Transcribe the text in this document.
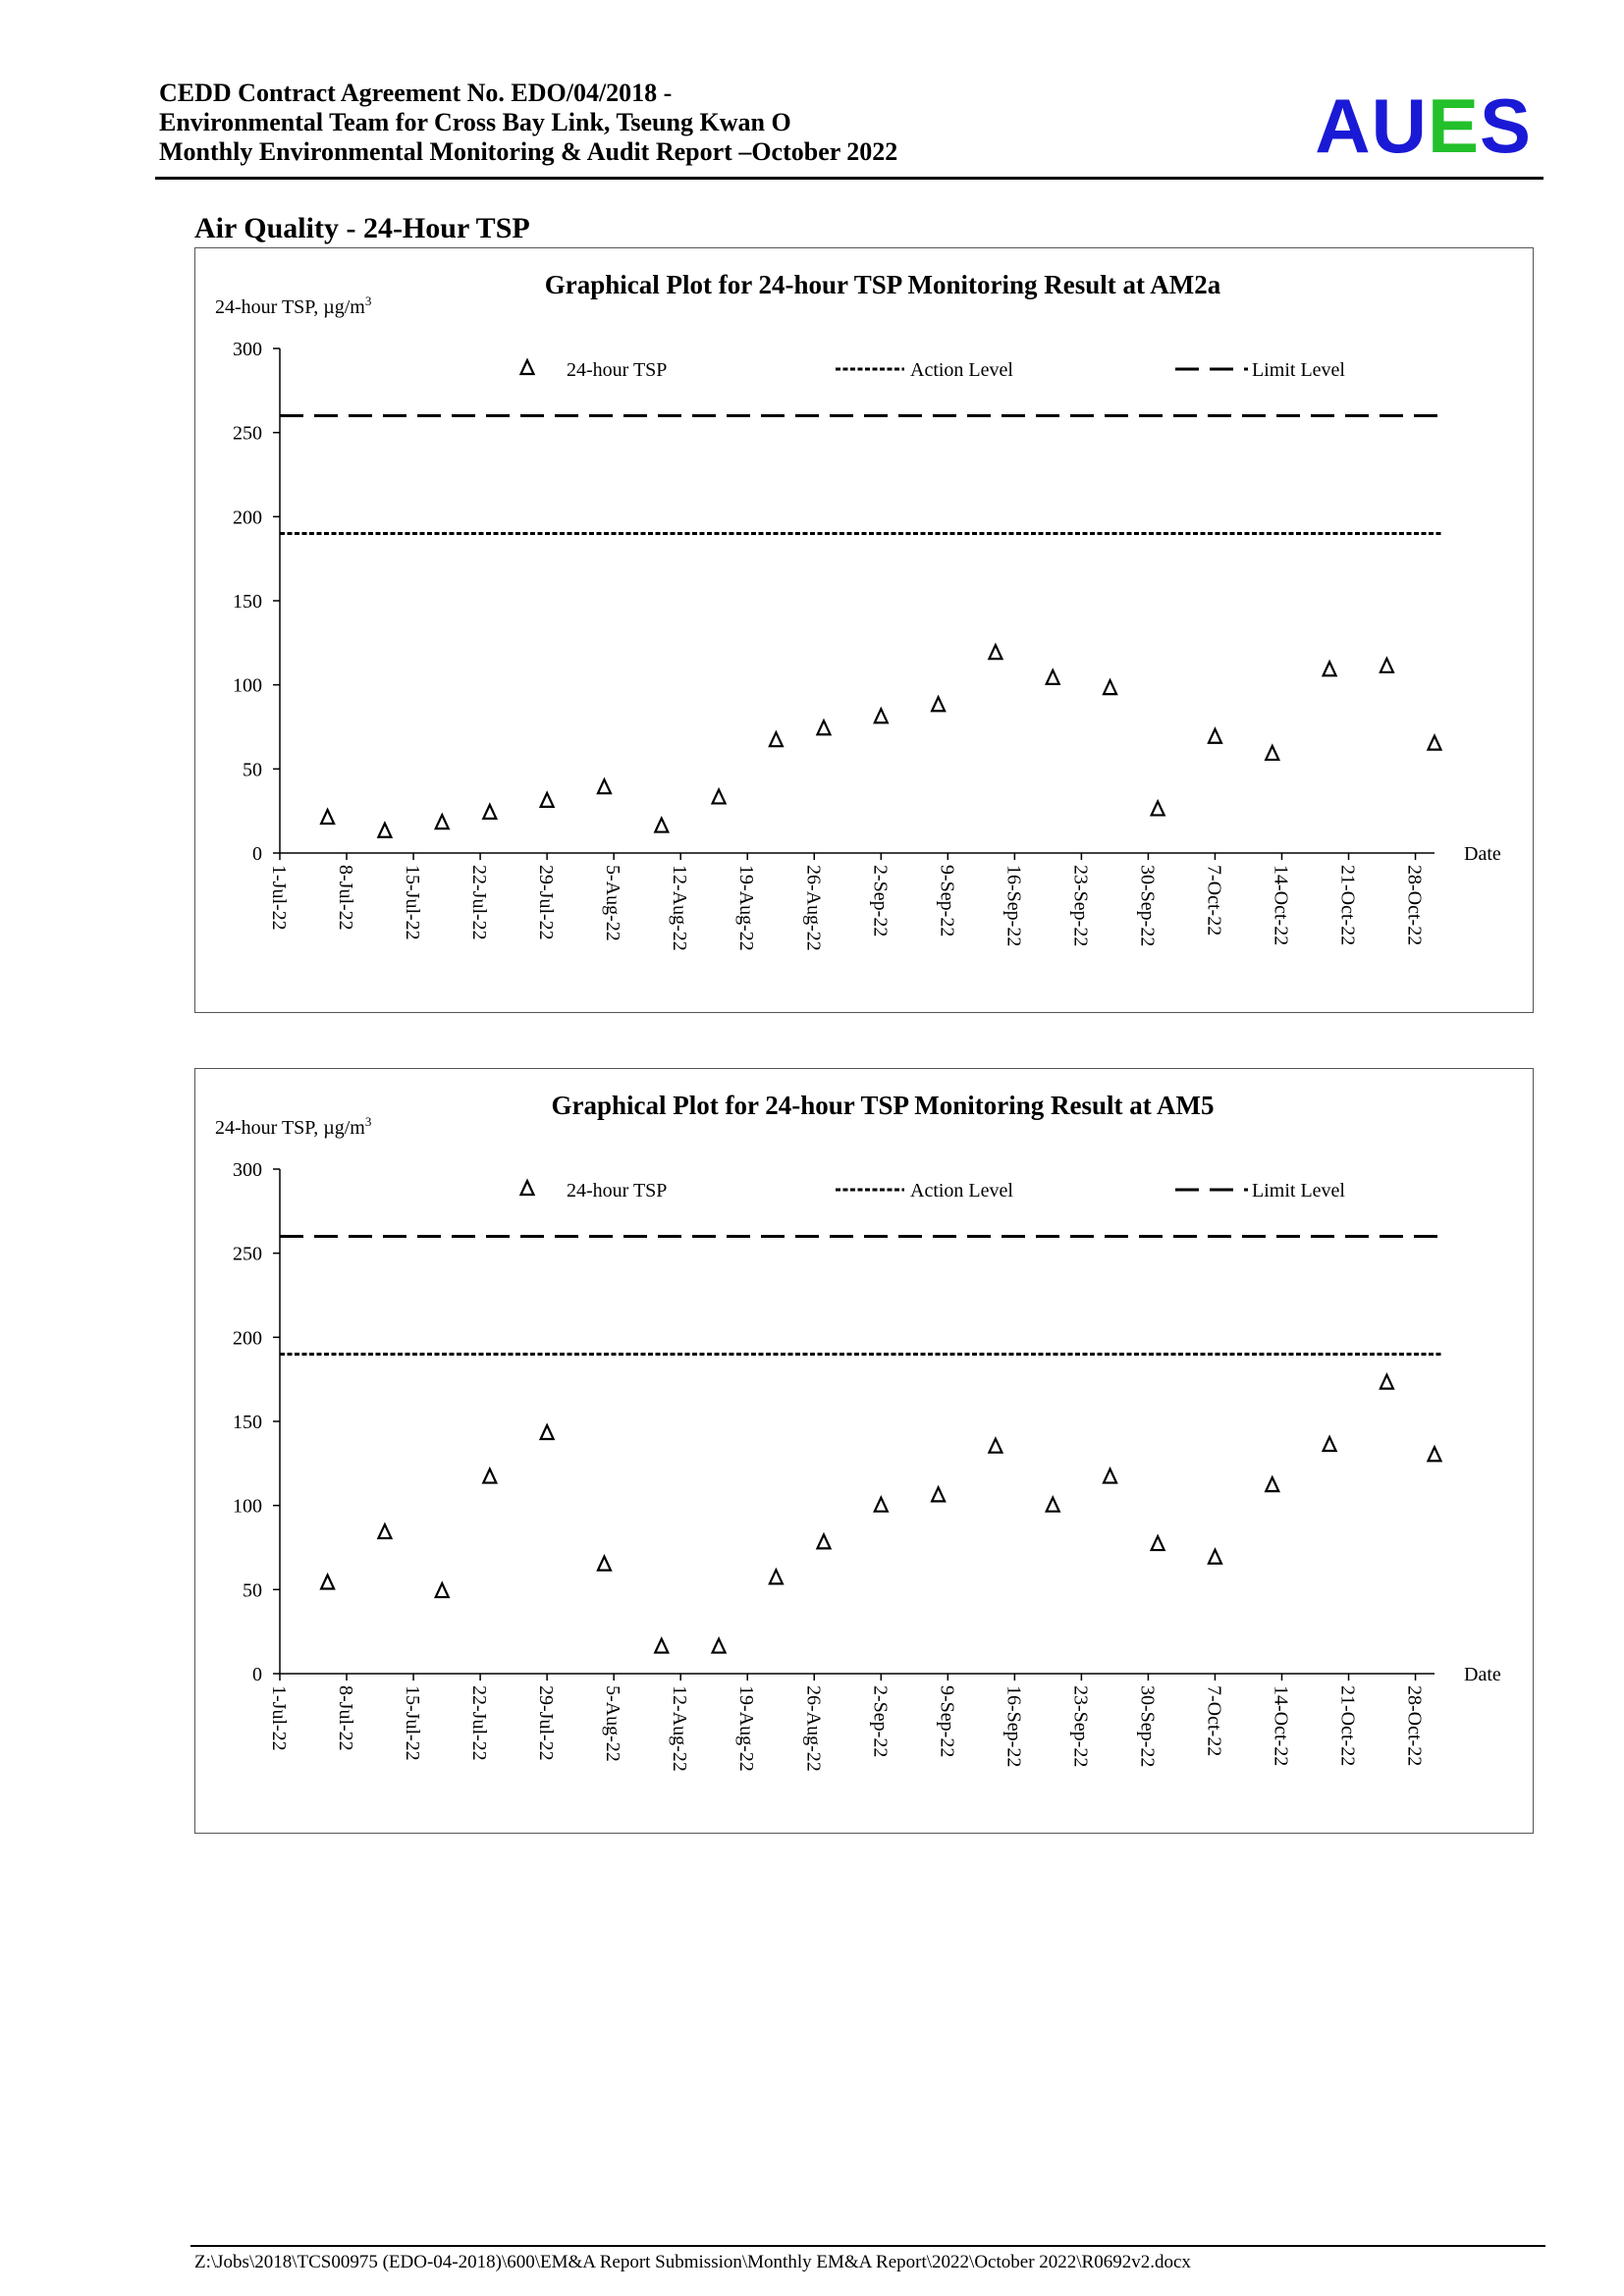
CEDD Contract Agreement No. EDO/04/2018 -
Environmental Team for Cross Bay Link, Tseung Kwan O
Monthly Environmental Monitoring & Audit Report –October 2022	AUES
Air Quality - 24-Hour TSP
Graphical Plot for 24-hour TSP Monitoring Result at AM2a
24-hour TSP, $\mu g/m^3$
0
50
100
150
200
250
300
1-Jul-22 8-Jul-22 15-Jul-22 22-Jul-22 29-Jul-22 5-Aug-22 12-Aug-22 19-Aug-22 26-Aug-22 2-Sep-22 9-Sep-22 16-Sep-22 23-Sep-22 30-Sep-22 7-Oct-22 14-Oct-22 21-Oct-22 28-Oct-22
Date
24-hour TSP	Action Level	Limit Level
Graphical Plot for 24-hour TSP Monitoring Result at AM5
24-hour TSP, $\mu g/m^3$
0
50
100
150
200
250
300
1-Jul-22 8-Jul-22 15-Jul-22 22-Jul-22 29-Jul-22 5-Aug-22 12-Aug-22 19-Aug-22 26-Aug-22 2-Sep-22 9-Sep-22 16-Sep-22 23-Sep-22 30-Sep-22 7-Oct-22 14-Oct-22 21-Oct-22 28-Oct-22
Date
24-hour TSP	Action Level	Limit Level
Z:\Jobs\2018\TCS00975 (EDO-04-2018)\600\EM&A Report Submission\Monthly EM&A Report\2022\October 2022\R0692v2.docx
